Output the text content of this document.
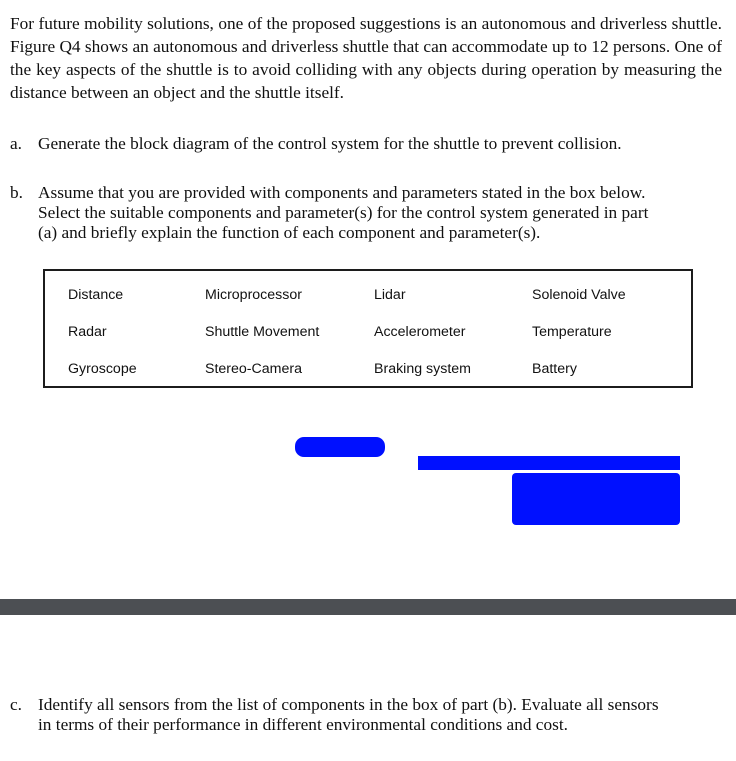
For future mobility solutions, one of the proposed suggestions is an autonomous and driverless shuttle. Figure Q4 shows an autonomous and driverless shuttle that can accommodate up to 12 persons. One of the key aspects of the shuttle is to avoid colliding with any objects during operation by measuring the distance between an object and the shuttle itself.

a. Generate the block diagram of the control system for the shuttle to prevent collision.
b. Assume that you are provided with components and parameters stated in the box below.
Select the suitable components and parameter(s) for the control system generated in part
(a) and briefly explain the function of each component and parameter(s).
Distance	Microprocessor	Lidar	Solenoid Valve
Radar	Shuttle Movement	Accelerometer	Temperature
Gyroscope	Stereo-Camera	Braking system	Battery
c. Identify all sensors from the list of components in the box of part (b). Evaluate all sensors
in terms of their performance in different environmental conditions and cost.
